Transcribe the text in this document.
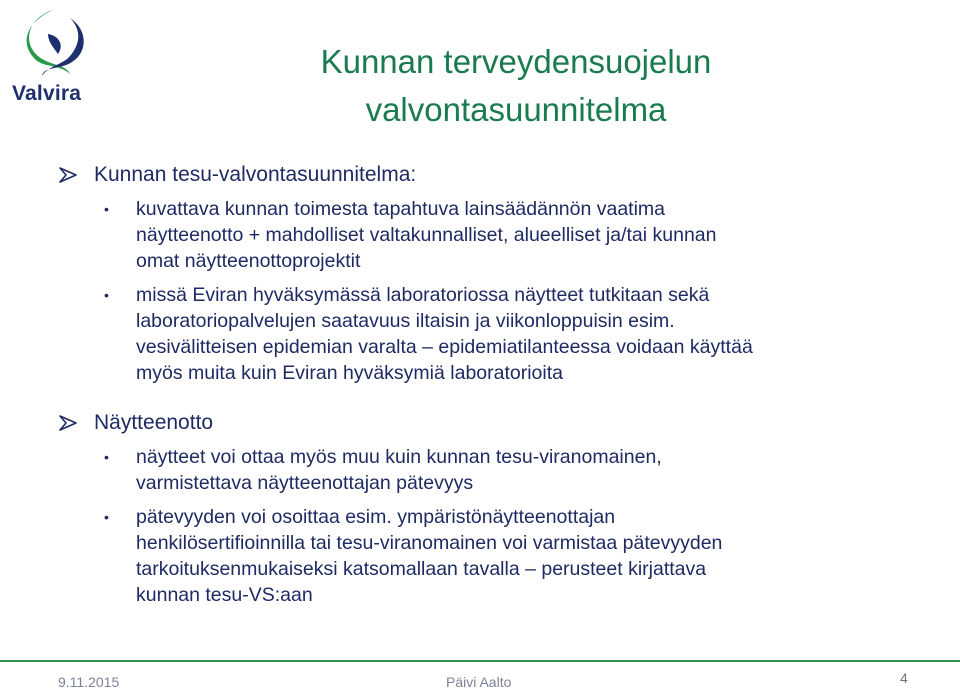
Valvira
Kunnan terveydensuojelun
valvontasuunnitelma
Kunnan tesu-valvontasuunnitelma:
• kuvattava kunnan toimesta tapahtuva lainsäädännön vaatima
näytteenotto + mahdolliset valtakunnalliset, alueelliset ja/tai kunnan
omat näytteenottoprojektit
• missä Eviran hyväksymässä laboratoriossa näytteet tutkitaan sekä
laboratoriopalvelujen saatavuus iltaisin ja viikonloppuisin esim.
vesivälitteisen epidemian varalta – epidemiatilanteessa voidaan käyttää
myös muita kuin Eviran hyväksymiä laboratorioita
Näytteenotto
• näytteet voi ottaa myös muu kuin kunnan tesu-viranomainen,
varmistettava näytteenottajan pätevyys
• pätevyyden voi osoittaa esim. ympäristönäytteenottajan
henkilösertifioinnilla tai tesu-viranomainen voi varmistaa pätevyyden
tarkoituksenmukaiseksi katsomallaan tavalla – perusteet kirjattava
kunnan tesu-VS:aan
9.11.2015	Päivi Aalto	4
